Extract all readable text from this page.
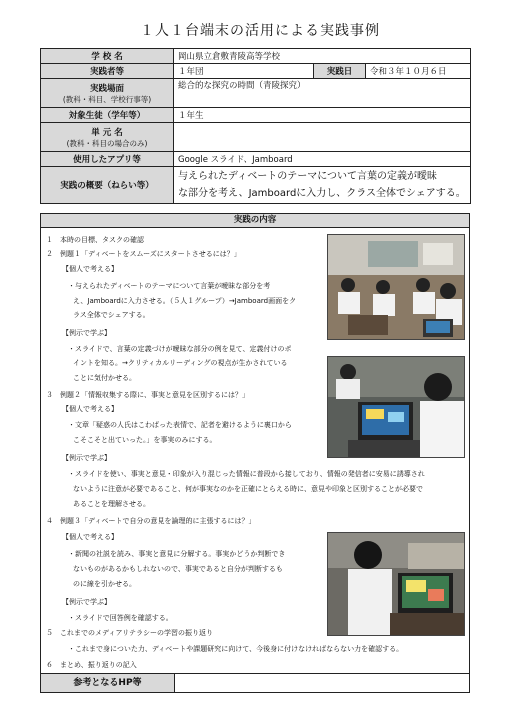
１人１台端末の活用による実践事例
学 校 名	岡山県立倉敷青陵高等学校		
実践者等	１年団	実践日	令和３年１０月６日
実践場面
(教科・科目、学校行事等)	総合的な探究の時間（青陵探究）		
対象生徒（学年等）	１年生		
単 元 名
(教科・科目の場合のみ)			

使用したアプリ等	Google スライド、Jamboard		
実践の概要（ねらい等）	与えられたディベートのテーマについて言葉の定義が曖昧
な部分を考え、Jamboardに入力し、クラス全体でシェアする。		
実践の内容
１　本時の目標、タスクの確認
２　例題１「ディベートをスムーズにスタートさせるには？」
【個人で考える】
・与えられたディベートのテーマについて言葉が曖昧な部分を考
え、Jamboardに入力させる。（５人１グループ）→Jamboard画面をク
ラス全体でシェアする。
【例示で学ぶ】
・スライドで、言葉の定義づけが曖昧な部分の例を見て、定義付けのポ
イントを知る。→クリティカルリーディングの視点が生かされている
ことに気付かせる。
３　例題２「情報収集する際に、事実と意見を区別するには？」
【個人で考える】
・文章「疑惑の人氏はこわばった表情で、記者を避けるように裏口から
こそこそと出ていった。」を事実のみにする。
【例示で学ぶ】
・スライドを使い、事実と意見・印象が入り混じった情報に普段から接しており、情報の発信者に安易に誘導され
ないように注意が必要であること、何が事実なのかを正確にとらえる時に、意見や印象と区別することが必要で
あることを理解させる。
４　例題３「ディベートで自分の意見を論理的に主張するには？」
【個人で考える】
・新聞の社説を読み、事実と意見に分解する。事実かどうか判断でき
ないものがあるかもしれないので、事実であると自分が判断するも
のに線を引かせる。
【例示で学ぶ】
・スライドで回答例を確認する。
５　これまでのメディアリテラシーの学習の振り返り
・これまで身についた力、ディベートや課題研究に向けて、今後身に付けなければならない力を確認する。
６　まとめ、振り返りの記入
参考となるHP等
